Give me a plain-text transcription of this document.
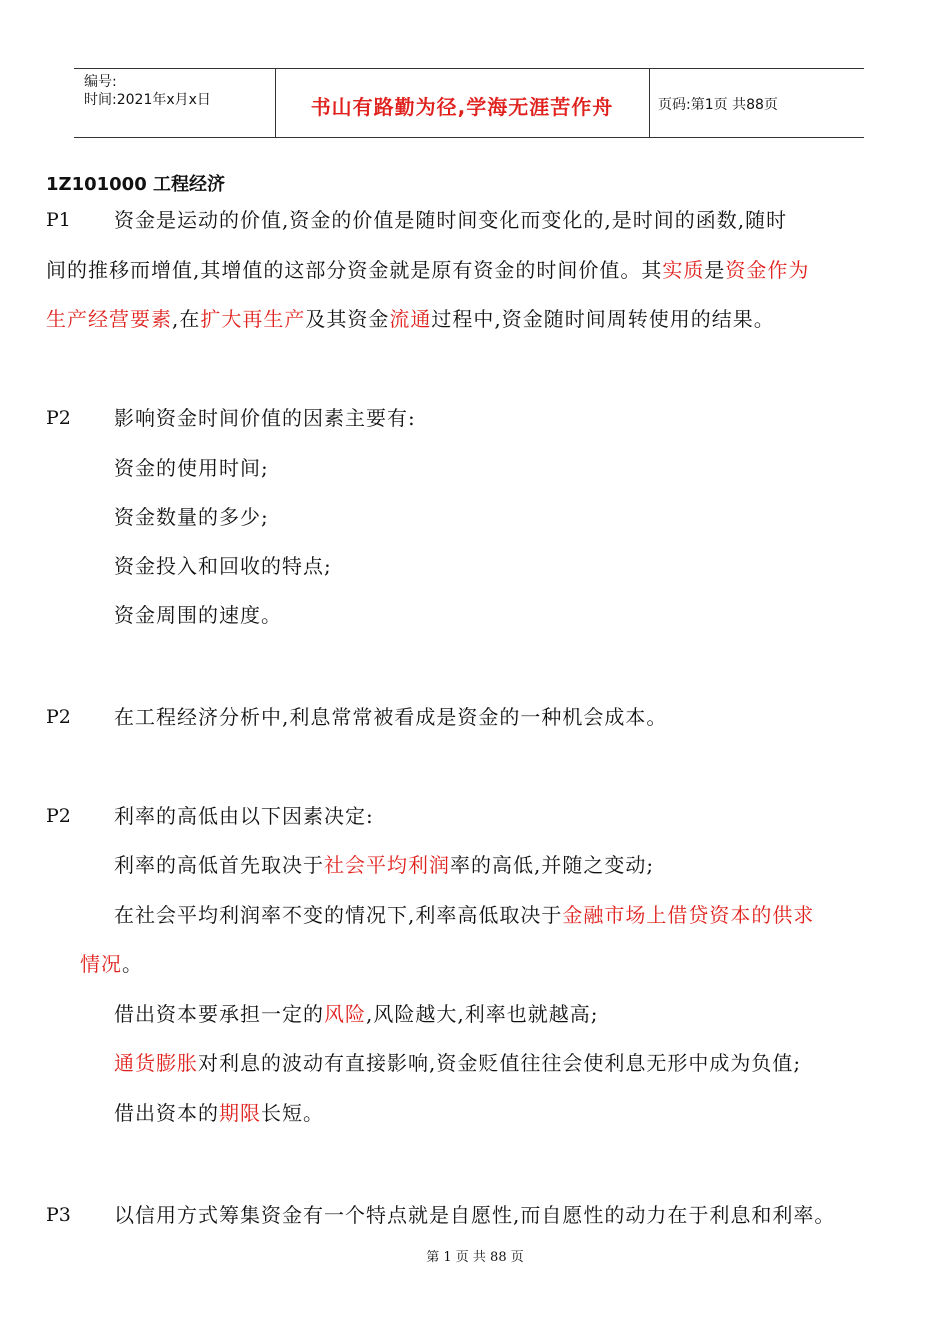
编号:
时间:2021年x月x日	书山有路勤为径,学海无涯苦作舟	页码:第1页 共88页
1Z101000 工程经济
P1 资金是运动的价值,资金的价值是随时间变化而变化的,是时间的函数,随时
间的推移而增值,其增值的这部分资金就是原有资金的时间价值。其实质是资金作为
生产经营要素,在扩大再生产及其资金流通过程中,资金随时间周转使用的结果。
P2 影响资金时间价值的因素主要有:
资金的使用时间;
资金数量的多少;
资金投入和回收的特点;
资金周围的速度。
P2 在工程经济分析中,利息常常被看成是资金的一种机会成本。
P2 利率的高低由以下因素决定:
利率的高低首先取决于社会平均利润率的高低,并随之变动;
在社会平均利润率不变的情况下,利率高低取决于金融市场上借贷资本的供求
情况。
借出资本要承担一定的风险,风险越大,利率也就越高;
通货膨胀对利息的波动有直接影响,资金贬值往往会使利息无形中成为负值;
借出资本的期限长短。
P3 以信用方式筹集资金有一个特点就是自愿性,而自愿性的动力在于利息和利率。
第 1 页 共 88 页
